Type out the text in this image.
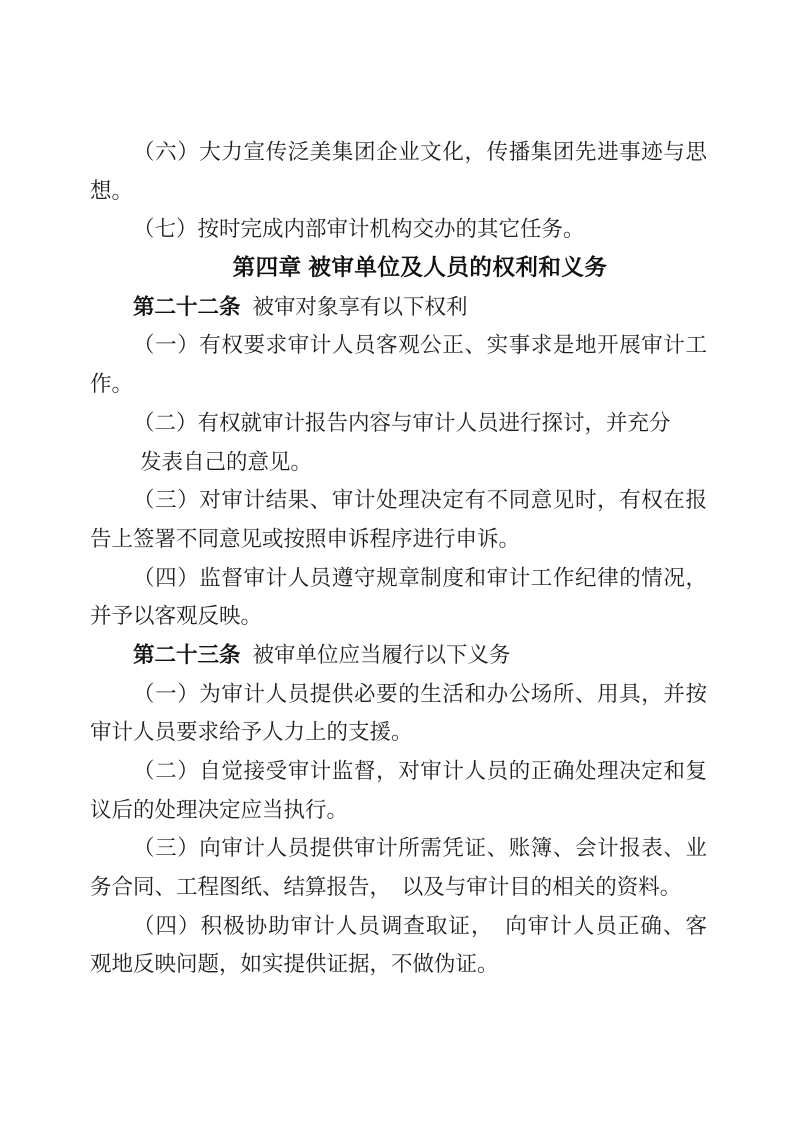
（六）大力宣传泛美集团企业文化，传播集团先进事迹与思
想。
（七）按时完成内部审计机构交办的其它任务。
第四章 被审单位及人员的权利和义务
第二十二条 被审对象享有以下权利
（一）有权要求审计人员客观公正、实事求是地开展审计工
作。
（二）有权就审计报告内容与审计人员进行探讨，并充分
发表自己的意见。
（三）对审计结果、审计处理决定有不同意见时，有权在报
告上签署不同意见或按照申诉程序进行申诉。
（四）监督审计人员遵守规章制度和审计工作纪律的情况，
并予以客观反映。
第二十三条 被审单位应当履行以下义务
（一）为审计人员提供必要的生活和办公场所、用具，并按
审计人员要求给予人力上的支援。
（二）自觉接受审计监督，对审计人员的正确处理决定和复
议后的处理决定应当执行。
（三）向审计人员提供审计所需凭证、账簿、会计报表、业
务合同、工程图纸、结算报告，　以及与审计目的相关的资料。
（四）积极协助审计人员调查取证，　向审计人员正确、客
观地反映问题，如实提供证据，不做伪证。
